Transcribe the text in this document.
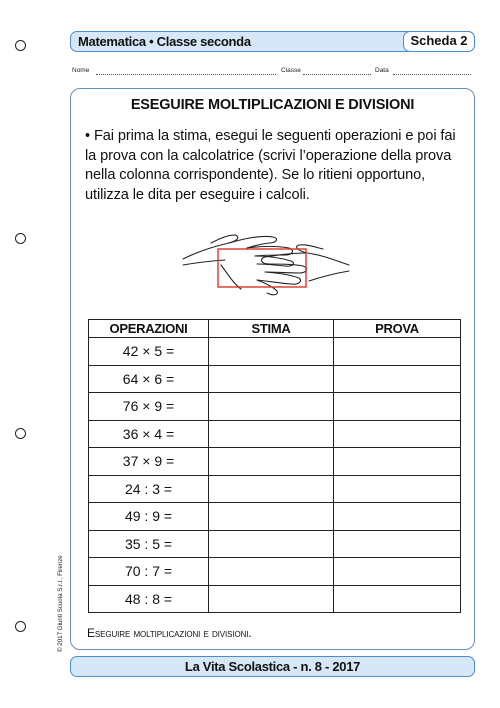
Matematica • Classe seconda	Scheda 2
Nome	Classe	Data
ESEGUIRE MOLTIPLICAZIONI E DIVISIONI
• Fai prima la stima, esegui le seguenti operazioni e poi fai la prova con la calcolatrice (scrivi l’operazione della prova nella colonna corrispondente). Se lo ritieni opportuno, utilizza le dita per eseguire i calcoli.
OPERAZIONI	STIMA	PROVA
42 × 5 =		
64 × 6 =		
76 × 9 =		
36 × 4 =		
37 × 9 =		
24 : 3 =		
49 : 9 =		
35 : 5 =		
70 : 7 =		
48 : 8 =		
Eseguire moltiplicazioni e divisioni.
© 2017 Giunti Scuola S.r.l., Firenze
La Vita Scolastica - n. 8 - 2017
